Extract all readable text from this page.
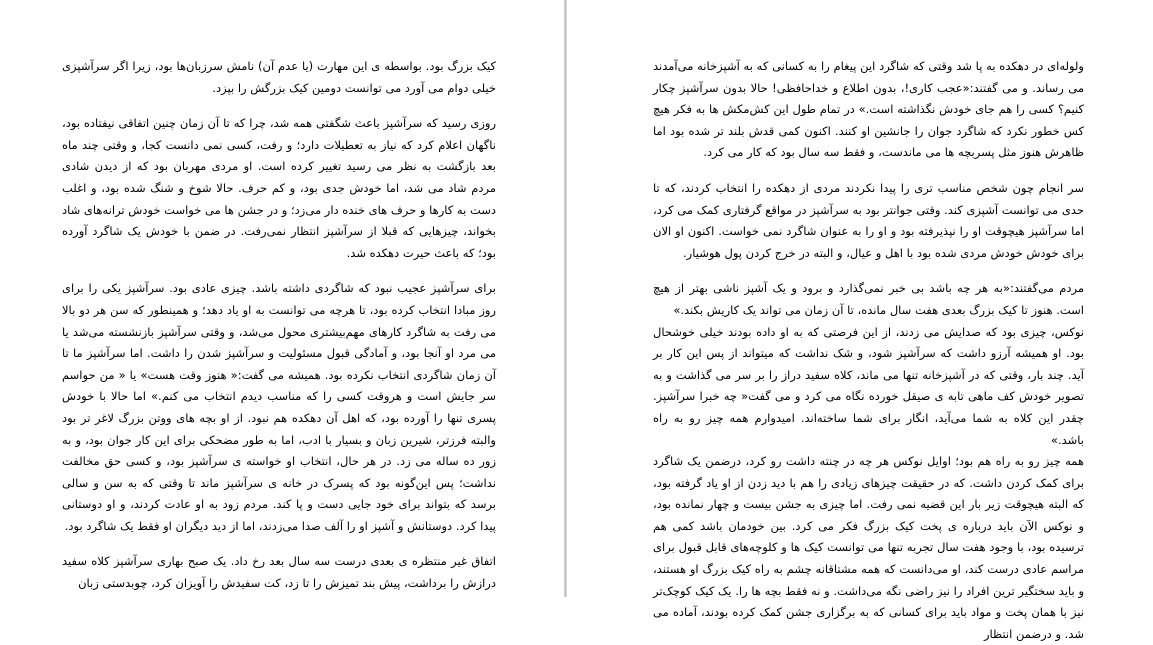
کیک بزرگ بود. بواسطه ی این مهارت (یا عدم آن) نامش سرزبان‌ها بود، زیرا اگر سرآشپزی خیلی دوام می آورد می توانست دومین کیک بزرگش را بپزد.

روزی رسید که سرآشپز باعث شگفتی همه شد، چرا که تا آن زمان چنین اتفاقی نیفتاده بود، ناگهان اعلام کرد که نیاز به تعطیلات دارد؛ و رفت، کسی نمی دانست کجا، و وقتی چند ماه بعد بازگشت به نظر می رسید تغییر کرده است. او مردی مهربان بود که از دیدن شادی مردم شاد می شد، اما خودش جدی بود، و کم حرف. حالا شوخ و شنگ شده بود، و اغلب دست به کارها و حرف های خنده دار می‌زد؛ و در جشن ها می خواست خودش ترانه‌های شاد بخواند، چیزهایی که قبلا از سرآشپز انتظار نمی‌رفت. در ضمن با خودش یک شاگرد آورده بود؛ که باعث حیرت دهکده شد.

برای سرآشپز عجیب نبود که شاگردی داشته باشد. چیزی عادی بود. سرآشپز یکی را برای روز مبادا انتخاب کرده بود، تا هرچه می توانست به او یاد دهد؛ و همینطور که سن هر دو بالا می رفت به شاگرد کارهای مهم‌بیشتری محول می‌شد، و وقتی سرآشپز بازنشسته می‌شد یا می مرد او آنجا بود، و آمادگی قبول مسئولیت و سرآشپز شدن را داشت. اما سرآشپز ما تا آن زمان شاگردی انتخاب نکرده بود. همیشه می گفت:« هنوز وقت هست» یا « من حواسم سر جایش است و هروقت کسی را که مناسب دیدم انتخاب می کنم.» اما حالا با خودش پسری تنها را آورده بود، که اهل آن دهکده هم نبود. از او بچه های ووتن بزرگ لاغر تر بود والبته فرزتر، شیرین زبان و بسیار با ادب، اما به طور مضحکی برای این کار جوان بود، و به زور ده ساله می زد. در هر حال، انتخاب او خواسته ی سرآشپز بود، و کسی حق مخالفت نداشت؛ پس این‌گونه بود که پسرک در خانه ی سرآشپز ماند تا وقتی که به سن و سالی برسد که بتواند برای خود جایی دست و پا کند. مردم زود به او عادت کردند، و او دوستانی پیدا کرد. دوستانش و آشپز او را آلف صدا می‌زدند، اما از دید دیگران او فقط یک شاگرد بود.

اتفاق غیر منتظره ی بعدی درست سه سال بعد رخ داد. یک صبح بهاری سرآشپز کلاه سفید درازش را برداشت، پیش بند تمیزش را تا زد، کت سفیدش را آویزان کرد، چوبدستی زبان

ولوله‌ای در دهکده به پا شد وقتی که شاگرد این پیغام را به کسانی که به آشپزخانه می‌آمدند می رساند. و می گفتند:«عجب کاری!، بدون اطلاع و خداحافظی! حالا بدون سرآشپز چکار کنیم؟ کسی را هم جای خودش نگذاشته است.» در تمام طول این کش‌مکش ها به فکر هیچ کس خطور نکرد که شاگرد جوان را جانشین او کنند. اکنون کمی قدش بلند تر شده بود اما ظاهرش هنوز مثل پسربچه ها می ماندست، و فقط سه سال بود که کار می کرد.

سر انجام چون شخص مناسب تری را پیدا نکردند مردی از دهکده را انتخاب کردند، که تا حدی می توانست آشپزی کند. وقتی جوانتر بود به سرآشپز در مواقع گرفتاری کمک می کرد، اما سرآشپز هیچوقت او را نپذیرفته بود و او را به عنوان شاگرد نمی خواست. اکنون او الان برای خودش خودش مردی شده بود با اهل و عیال، و البته در خرج کردن پول هوشیار.

مردم می‌گفتند:«به هر چه باشد بی خبر نمی‌گذارد و برود و یک آشپز ناشی بهتر از هیچ است. هنوز تا کیک بزرگ بعدی هفت سال مانده، تا آن زمان می تواند یک کاریش بکند.»

نوکس، چیزی بود که صدایش می زدند، از این فرصتی که به او داده بودند خیلی خوشحال بود. او همیشه آرزو داشت که سرآشپز شود، و شک نداشت که میتواند از پس این کار بر آید. چند بار، وقتی که در آشپزخانه تنها می ماند، کلاه سفید دراز را بر سر می گذاشت و به تصویر خودش کف ماهی تابه ی صیقل خورده نگاه می کرد و می گفت« چه خبرا سرآشپز. چقدر این کلاه به شما می‌آید، انگار برای شما ساخته‌اند. امیدوارم همه چیز رو به راه باشد.»

همه چیز رو به راه هم بود؛ اوایل نوکس هر چه در چنته داشت رو کرد، درضمن یک شاگرد برای کمک کردن داشت. که در حقیقت چیزهای زیادی را هم با دید زدن از او یاد گرفته بود، که البته هیچوقت زیر بار این قضیه نمی رفت. اما چیزی به جشن بیست و چهار نمانده بود، و نوکس الآن باید درباره ی پخت کیک بزرگ فکر می کرد. بین خودمان باشد کمی هم ترسیده بود، با وجود هفت سال تجربه تنها می توانست کیک ها و کلوچه‌های قابل قبول برای مراسم عادی درست کند، او می‌دانست که همه مشتاقانه چشم به راه کیک بزرگ او هستند، و باید سختگیر ترین افراد را نیز راضی نگه می‌داشت. و نه فقط بچه ها را. یک کیک کوچک‌تر نیز با همان پخت و مواد باید برای کسانی که به برگزاری جشن کمک کرده بودند، آماده می شد. و درضمن انتظار
